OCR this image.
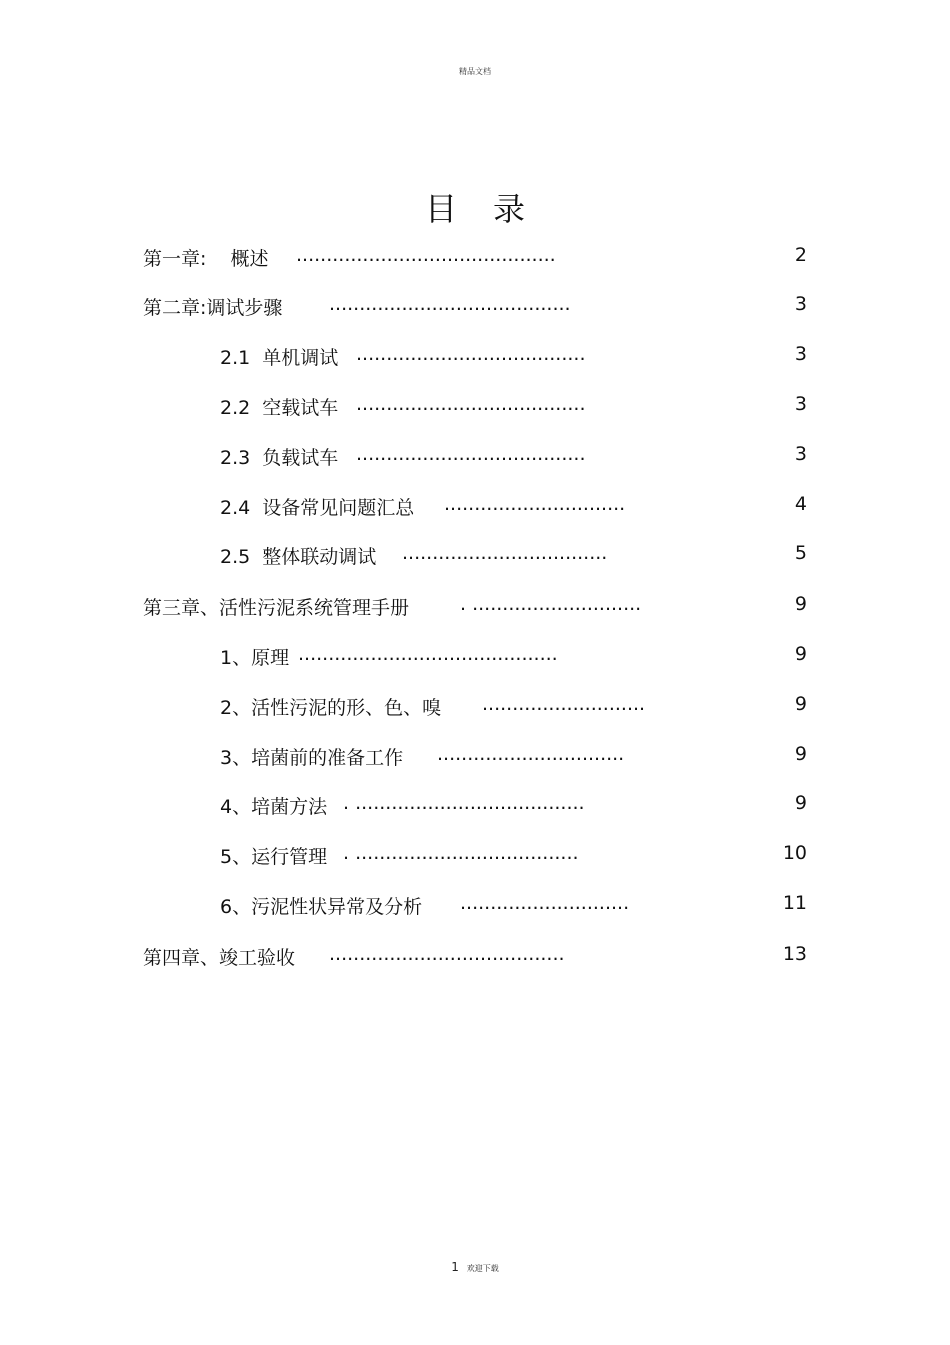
精品文档
目录
第一章:    概述 ...........................................	2
第二章:调试步骤 ........................................	3
2.1  单机调试 ......................................	3
2.2  空载试车 ......................................	3
2.3  负载试车 ......................................	3
2.4  设备常见问题汇总 ..............................	4
2.5  整体联动调试 ..................................	5
第三章、活性污泥系统管理手册	. ............................	9
1、原理 ...........................................	9
2、活性污泥的形、色、嗅 ...........................	9
3、培菌前的准备工作 ...............................	9
4、培菌方法 . ......................................	9
5、运行管理 . .....................................	10
6、污泥性状异常及分析 ............................	11
第四章、竣工验收 .......................................	13
1 欢迎下载
